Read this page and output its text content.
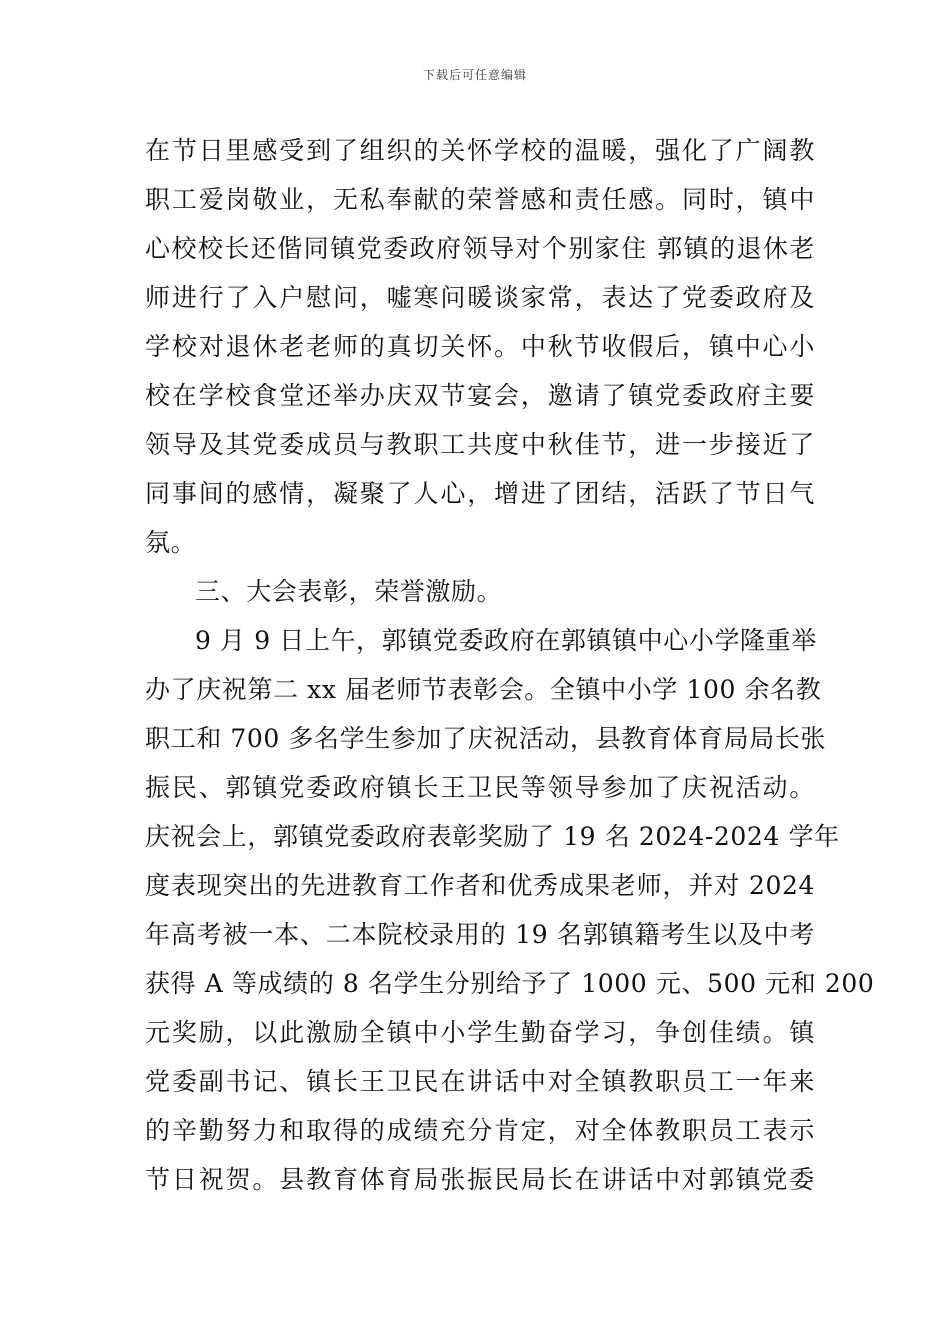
下载后可任意编辑
在节日里感受到了组织的关怀学校的温暖，强化了广阔教
职工爱岗敬业，无私奉献的荣誉感和责任感。同时，镇中
心校校长还偕同镇党委政府领导对个别家住 郭镇的退休老
师进行了入户慰问，嘘寒问暖谈家常，表达了党委政府及
学校对退休老老师的真切关怀。中秋节收假后，镇中心小
校在学校食堂还举办庆双节宴会，邀请了镇党委政府主要
领导及其党委成员与教职工共度中秋佳节，进一步接近了
同事间的感情，凝聚了人心，增进了团结，活跃了节日气
氛。
三、大会表彰，荣誉激励。
9 月 9 日上午，郭镇党委政府在郭镇镇中心小学隆重举
办了庆祝第二 xx 届老师节表彰会。全镇中小学 100 余名教
职工和 700 多名学生参加了庆祝活动，县教育体育局局长张
振民、郭镇党委政府镇长王卫民等领导参加了庆祝活动。
庆祝会上，郭镇党委政府表彰奖励了 19 名 2024-2024 学年
度表现突出的先进教育工作者和优秀成果老师，并对 2024
年高考被一本、二本院校录用的 19 名郭镇籍考生以及中考
获得 A 等成绩的 8 名学生分别给予了 1000 元、500 元和 200
元奖励，以此激励全镇中小学生勤奋学习，争创佳绩。镇
党委副书记、镇长王卫民在讲话中对全镇教职员工一年来
的辛勤努力和取得的成绩充分肯定，对全体教职员工表示
节日祝贺。县教育体育局张振民局长在讲话中对郭镇党委
